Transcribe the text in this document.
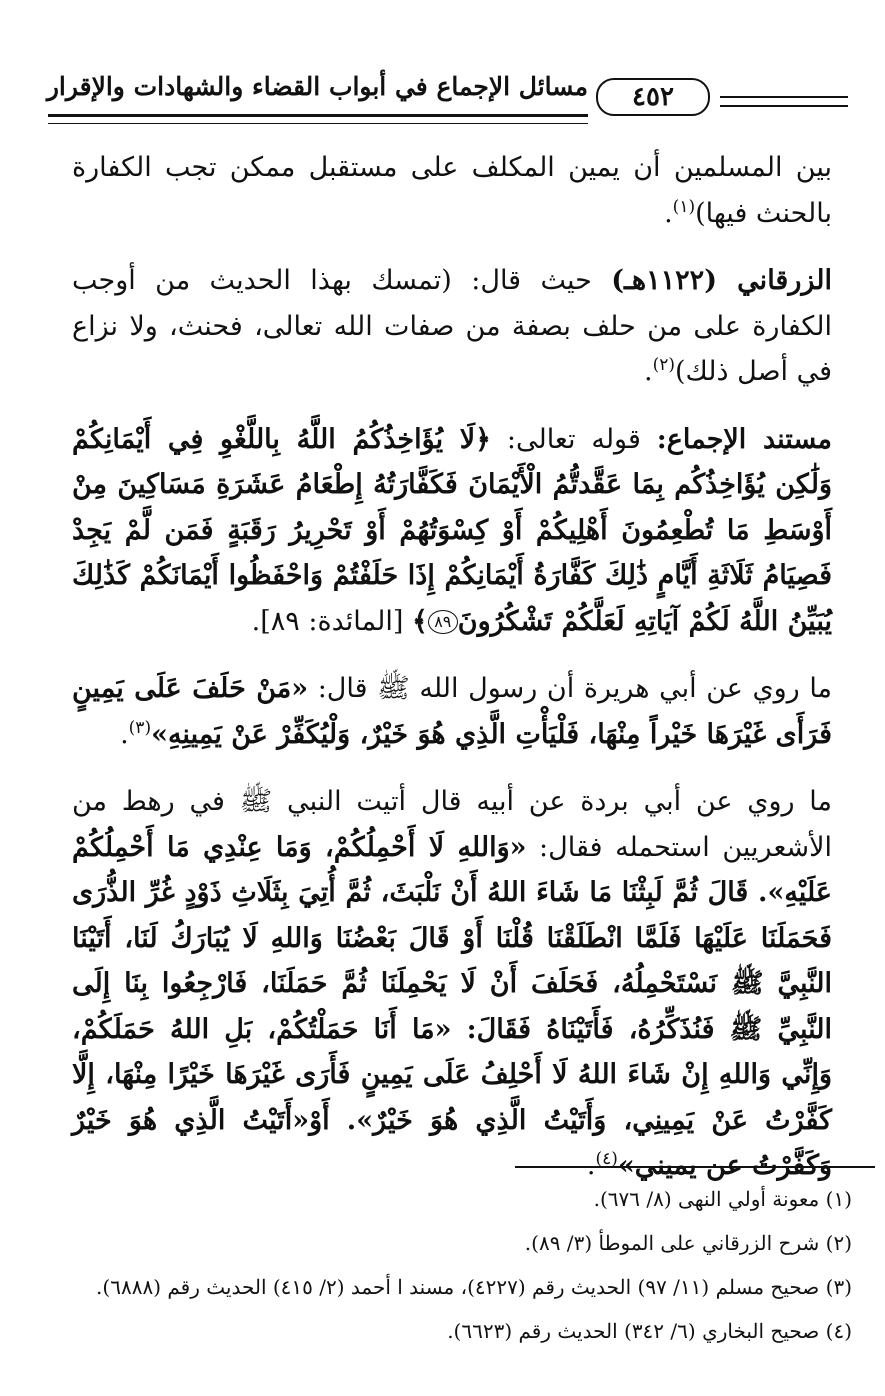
مسائل الإجماع في أبواب القضاء والشهادات والإقرار	٤٥٢

بين المسلمين أن يمين المكلف على مستقبل ممكن تجب الكفارة بالحنث فيها)$^{(١)}$.

الزرقاني (١١٢٢هـ) حيث قال: (تمسك بهذا الحديث من أوجب الكفارة على من حلف بصفة من صفات الله تعالى، فحنث، ولا نزاع في أصل ذلك)$^{(٢)}$.

مستند الإجماع: قوله تعالى: ﴿لَا يُؤَاخِذُكُمُ اللَّهُ بِاللَّغْوِ فِي أَيْمَانِكُمْ وَلَٰكِن يُؤَاخِذُكُم بِمَا عَقَّدتُّمُ الْأَيْمَانَ فَكَفَّارَتُهُ إِطْعَامُ عَشَرَةِ مَسَاكِينَ مِنْ أَوْسَطِ مَا تُطْعِمُونَ أَهْلِيكُمْ أَوْ كِسْوَتُهُمْ أَوْ تَحْرِيرُ رَقَبَةٍ فَمَن لَّمْ يَجِدْ فَصِيَامُ ثَلَاثَةِ أَيَّامٍ ذَٰلِكَ كَفَّارَةُ أَيْمَانِكُمْ إِذَا حَلَفْتُمْ وَاحْفَظُوا أَيْمَانَكُمْ كَذَٰلِكَ يُبَيِّنُ اللَّهُ لَكُمْ آيَاتِهِ لَعَلَّكُمْ تَشْكُرُونَ٨٩﴾ [المائدة: ٨٩].

ما روي عن أبي هريرة أن رسول الله ﷺ قال: «مَنْ حَلَفَ عَلَى يَمِينٍ فَرَأَى غَيْرَهَا خَيْراً مِنْهَا، فَلْيَأْتِ الَّذِي هُوَ خَيْرٌ، وَلْيُكَفِّرْ عَنْ يَمِينِهِ»$^{(٣)}$.

ما روي عن أبي بردة عن أبيه قال أتيت النبي ﷺ في رهط من الأشعريين استحمله فقال: «وَاللهِ لَا أَحْمِلُكُمْ، وَمَا عِنْدِي مَا أَحْمِلُكُمْ عَلَيْهِ». قَالَ ثُمَّ لَبِثْنَا مَا شَاءَ اللهُ أَنْ نَلْبَثَ، ثُمَّ أُتِيَ بِثَلَاثِ ذَوْدٍ غُرِّ الذُّرَى فَحَمَلَنَا عَلَيْهَا فَلَمَّا انْطَلَقْنَا قُلْنَا أَوْ قَالَ بَعْضُنَا وَاللهِ لَا يُبَارَكُ لَنَا، أَتَيْنَا النَّبِيَّ ﷺ نَسْتَحْمِلُهُ، فَحَلَفَ أَنْ لَا يَحْمِلَنَا ثُمَّ حَمَلَنَا، فَارْجِعُوا بِنَا إِلَى النَّبِيِّ ﷺ فَنُذَكِّرُهُ، فَأَتَيْنَاهُ فَقَالَ: «مَا أَنَا حَمَلْتُكُمْ، بَلِ اللهُ حَمَلَكُمْ، وَإِنِّي وَاللهِ إِنْ شَاءَ اللهُ لَا أَحْلِفُ عَلَى يَمِينٍ فَأَرَى غَيْرَهَا خَيْرًا مِنْهَا، إِلَّا كَفَّرْتُ عَنْ يَمِينِي، وَأَتَيْتُ الَّذِي هُوَ خَيْرٌ». أَوْ«أَتَيْتُ الَّذِي هُوَ خَيْرٌ وَكَفَّرْتُ عن يميني»$^{(٤)}$.

(١) معونة أولي النهى (٨/ ٦٧٦).
(٢) شرح الزرقاني على الموطأ (٣/ ٨٩).
(٣) صحيح مسلم (١١/ ٩٧) الحديث رقم (٤٢٢٧)، مسند ا أحمد (٢/ ٤١٥) الحديث رقم (٦٨٨٨).
(٤) صحيح البخاري (٦/ ٣٤٢) الحديث رقم (٦٦٢٣).
